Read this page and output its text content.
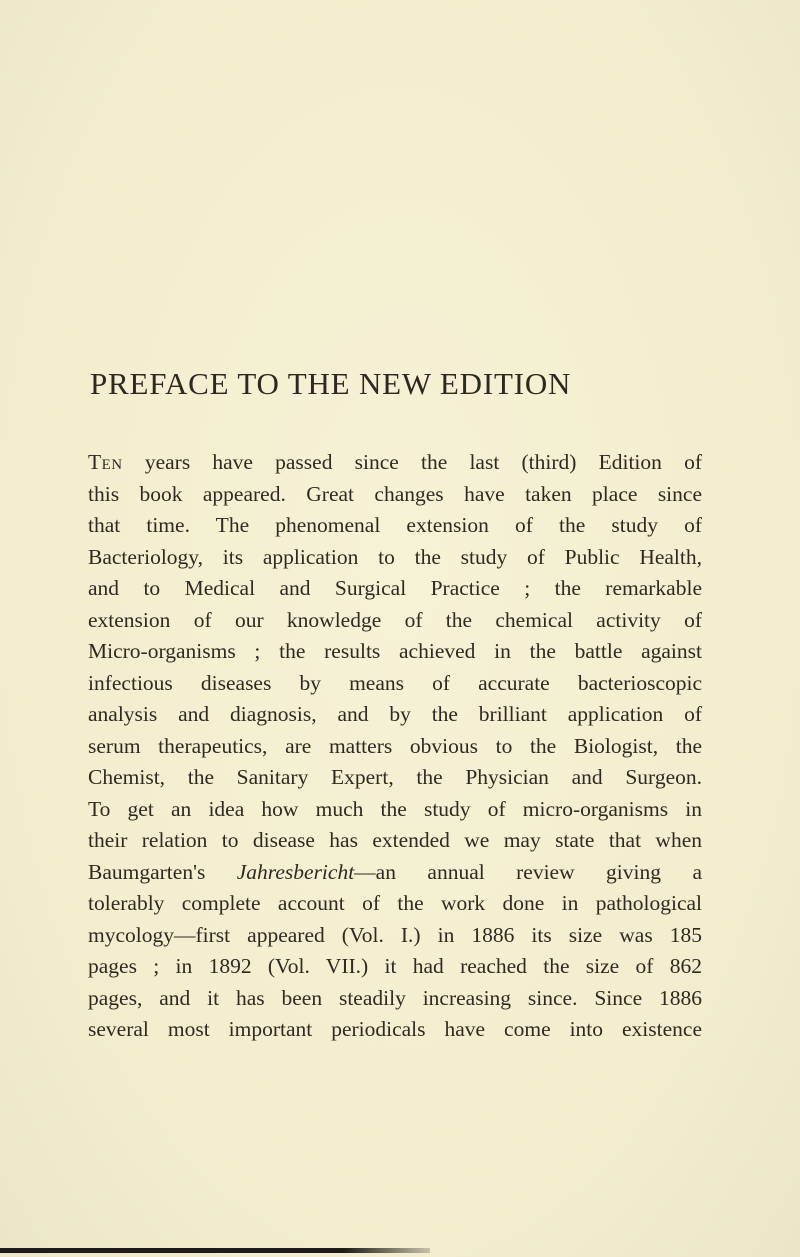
PREFACE TO THE NEW EDITION
Ten years have passed since the last (third) Edition of
this book appeared. Great changes have taken place since
that time. The phenomenal extension of the study of
Bacteriology, its application to the study of Public Health,
and to Medical and Surgical Practice ; the remarkable
extension of our knowledge of the chemical activity of
Micro-organisms ; the results achieved in the battle against
infectious diseases by means of accurate bacterioscopic
analysis and diagnosis, and by the brilliant application of
serum therapeutics, are matters obvious to the Biologist, the
Chemist, the Sanitary Expert, the Physician and Surgeon.
To get an idea how much the study of micro-organisms in
their relation to disease has extended we may state that when
Baumgarten's Jahresbericht—an annual review giving a
tolerably complete account of the work done in pathological
mycology—first appeared (Vol. I.) in 1886 its size was 185
pages ; in 1892 (Vol. VII.) it had reached the size of 862
pages, and it has been steadily increasing since. Since 1886
several most important periodicals have come into existence
